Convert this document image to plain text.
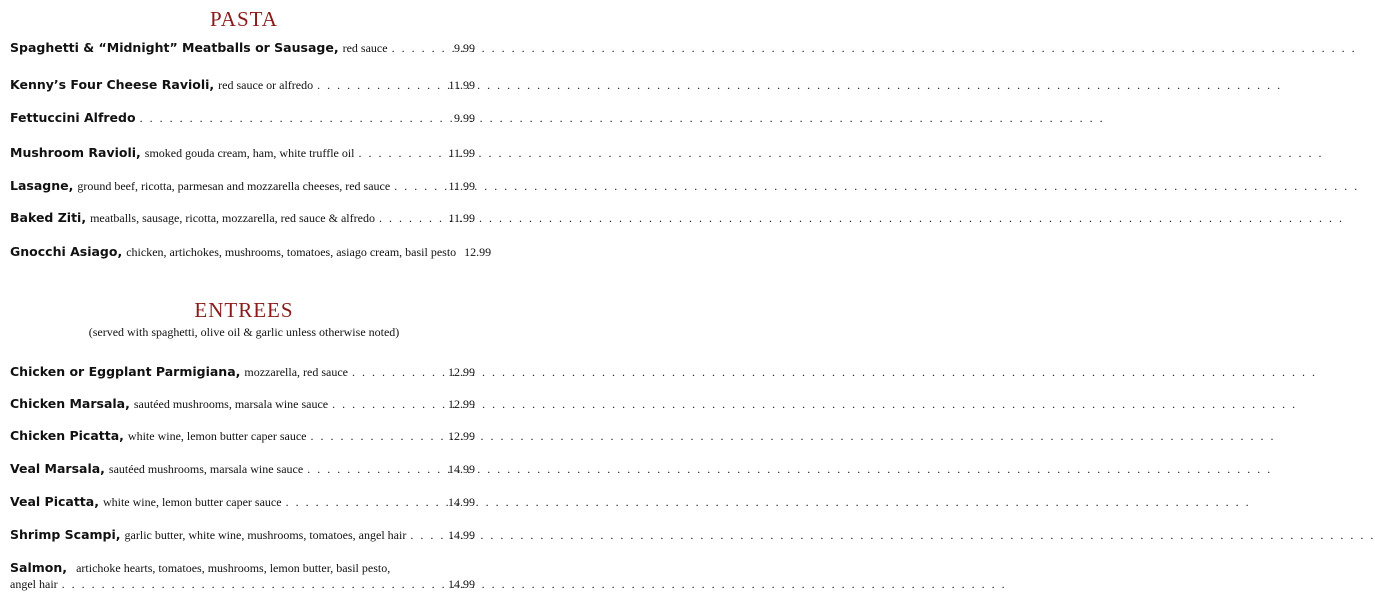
PASTA
Spaghetti & “Midnight” Meatballs or Sausage, red sauce . . .	9.99
Kenny’s Four Cheese Ravioli, red sauce or alfredo . . .	11.99
Fettuccini Alfredo . . .	9.99
Mushroom Ravioli, smoked gouda cream, ham, white truffle oil . . .	11.99
Lasagne, ground beef, ricotta, parmesan and mozzarella cheeses, red sauce . . .	11.99
Baked Ziti, meatballs, sausage, ricotta, mozzarella, red sauce & alfredo . . .	11.99
Gnocchi Asiago, chicken, artichokes, mushrooms, tomatoes, asiago cream, basil pesto 12.99
ENTREES
(served with spaghetti, olive oil & garlic unless otherwise noted)
Chicken or Eggplant Parmigiana, mozzarella, red sauce . . .	12.99
Chicken Marsala, sautéed mushrooms, marsala wine sauce . . .	12.99
Chicken Picatta, white wine, lemon butter caper sauce . . .	12.99
Veal Marsala, sautéed mushrooms, marsala wine sauce . . .	14.99
Veal Picatta, white wine, lemon butter caper sauce . . .	14.99
Shrimp Scampi, garlic butter, white wine, mushrooms, tomatoes, angel hair . . .	14.99
Salmon, artichoke hearts, tomatoes, mushrooms, lemon butter, basil pesto,
angel hair . . .	14.99
